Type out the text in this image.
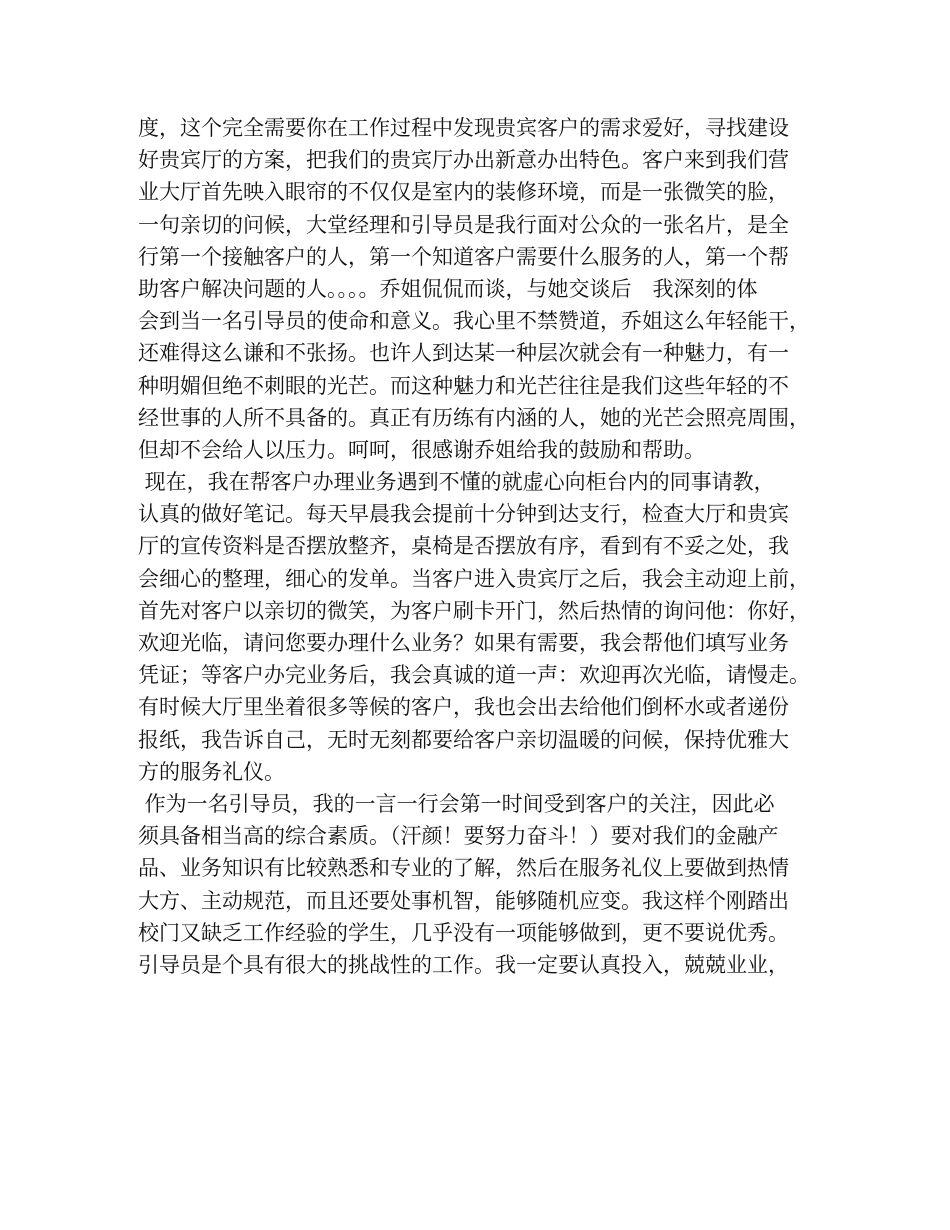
度，这个完全需要你在工作过程中发现贵宾客户的需求爱好，寻找建设
好贵宾厅的方案，把我们的贵宾厅办出新意办出特色。客户来到我们营
业大厅首先映入眼帘的不仅仅是室内的装修环境，而是一张微笑的脸，
一句亲切的问候，大堂经理和引导员是我行面对公众的一张名片，是全
行第一个接触客户的人，第一个知道客户需要什么服务的人，第一个帮
助客户解决问题的人。。。。乔姐侃侃而谈，与她交谈后　我深刻的体
会到当一名引导员的使命和意义。我心里不禁赞道，乔姐这么年轻能干，
还难得这么谦和不张扬。也许人到达某一种层次就会有一种魅力，有一
种明媚但绝不刺眼的光芒。而这种魅力和光芒往往是我们这些年轻的不
经世事的人所不具备的。真正有历练有内涵的人，她的光芒会照亮周围，
但却不会给人以压力。呵呵，很感谢乔姐给我的鼓励和帮助。
现在，我在帮客户办理业务遇到不懂的就虚心向柜台内的同事请教，
认真的做好笔记。每天早晨我会提前十分钟到达支行，检查大厅和贵宾
厅的宣传资料是否摆放整齐，桌椅是否摆放有序，看到有不妥之处，我
会细心的整理，细心的发单。当客户进入贵宾厅之后，我会主动迎上前，
首先对客户以亲切的微笑，为客户刷卡开门，然后热情的询问他：你好，
欢迎光临，请问您要办理什么业务？如果有需要，我会帮他们填写业务
凭证；等客户办完业务后，我会真诚的道一声：欢迎再次光临，请慢走。
有时候大厅里坐着很多等候的客户，我也会出去给他们倒杯水或者递份
报纸，我告诉自己，无时无刻都要给客户亲切温暖的问候，保持优雅大
方的服务礼仪。
作为一名引导员，我的一言一行会第一时间受到客户的关注，因此必
须具备相当高的综合素质。（汗颜！要努力奋斗！）要对我们的金融产
品、业务知识有比较熟悉和专业的了解，然后在服务礼仪上要做到热情
大方、主动规范，而且还要处事机智，能够随机应变。我这样个刚踏出
校门又缺乏工作经验的学生，几乎没有一项能够做到，更不要说优秀。
引导员是个具有很大的挑战性的工作。我一定要认真投入，兢兢业业，
